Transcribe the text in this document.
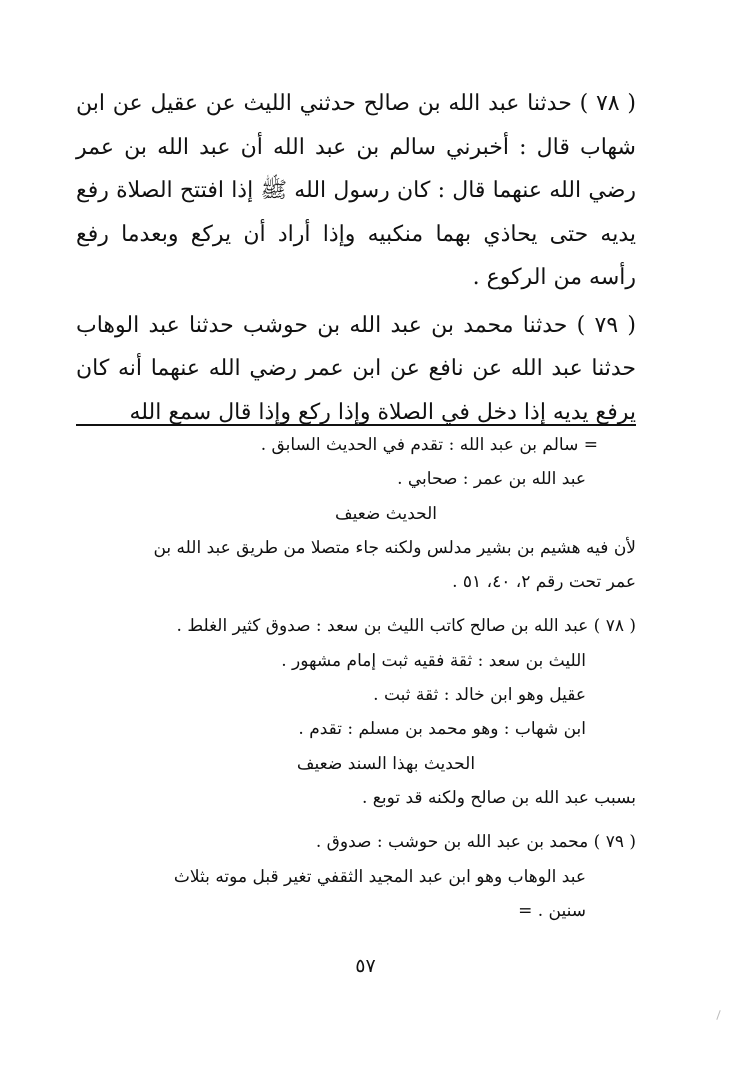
( ٧٨ ) حدثنا عبد الله بن صالح حدثني الليث عن عقيل عن ابن شهاب قال : أخبرني سالم بن عبد الله أن عبد الله بن عمر رضي الله عنهما قال : كان رسول الله ﷺ إذا افتتح الصلاة رفع يديه حتى يحاذي بهما منكبيه وإذا أراد أن يركع وبعدما رفع رأسه من الركوع .

( ٧٩ ) حدثنا محمد بن عبد الله بن حوشب حدثنا عبد الوهاب حدثنا عبد الله عن نافع عن ابن عمر رضي الله عنهما أنه كان يرفع يديه إذا دخل في الصلاة وإذا ركع وإذا قال سمع الله

= سالم بن عبد الله : تقدم في الحديث السابق .

عبد الله بن عمر : صحابي .

الحديث ضعيف

لأن فيه هشيم بن بشير مدلس ولكنه جاء متصلا من طريق عبد الله بن

عمر تحت رقم ٢، ٤٠، ٥١ .

( ٧٨ ) عبد الله بن صالح كاتب الليث بن سعد : صدوق كثير الغلط .

الليث بن سعد : ثقة فقيه ثبت إمام مشهور .

عقيل وهو ابن خالد : ثقة ثبت .

ابن شهاب : وهو محمد بن مسلم : تقدم .

الحديث بهذا السند ضعيف

بسبب عبد الله بن صالح ولكنه قد توبع .

( ٧٩ ) محمد بن عبد الله بن حوشب : صدوق .

عبد الوهاب وهو ابن عبد المجيد الثقفي تغير قبل موته بثلاث

سنين . =

٥٧
